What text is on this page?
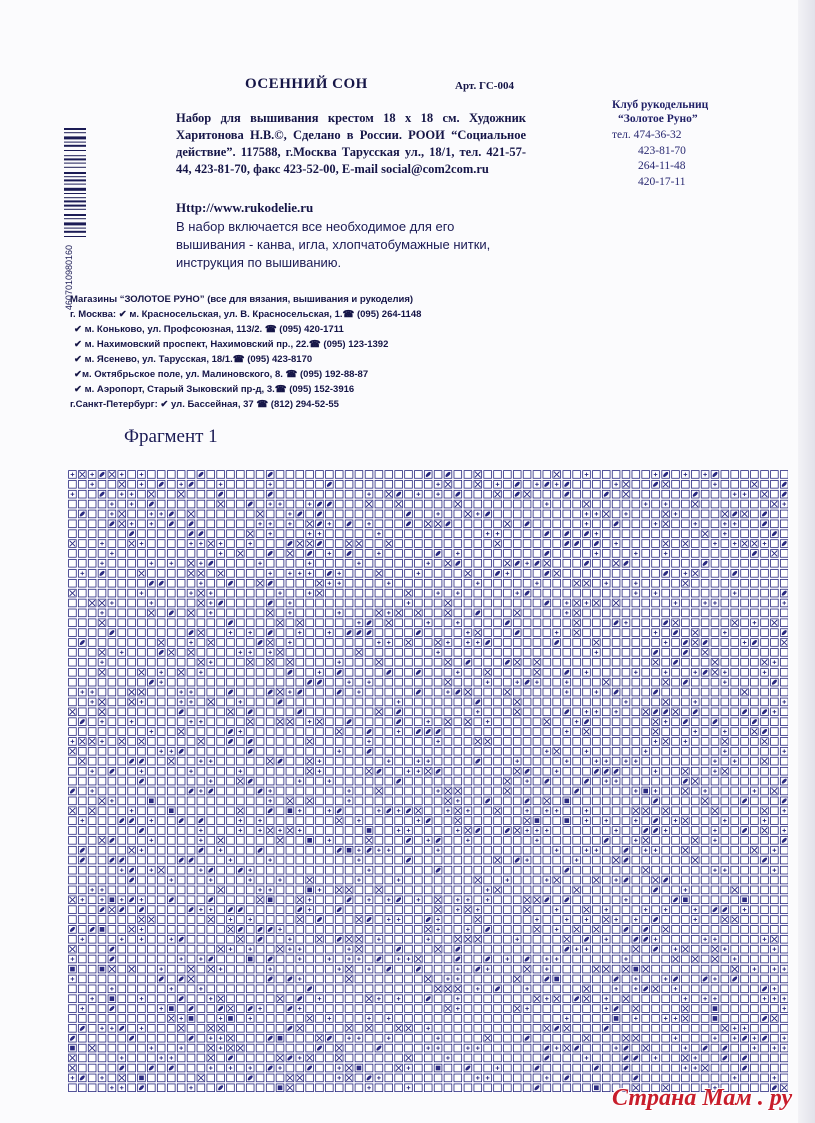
ОСЕННИЙ СОН	Арт. ГС-004
Набор для вышивания крестом 18 х 18 см. Художник Харитонова Н.В.©, Сделано в России. РООИ “Социальное действие”. 117588, г.Москва Тарусская ул., 18/1, тел. 421-57-44, 423-81-70, факс 423-52-00, E-mail social@com2com.ru
Http://www.rukodelie.ru
В набор включается все необходимое для его вышивания - канва, игла, хлопчатобумажные нитки, инструкция по вышиванию.
4607010980160
Клуб рукодельниц
“Золотое Руно”
тел. 474-36-32
423-81-70
264-11-48
420-17-11
Магазины “ЗОЛОТОЕ РУНО” (все для вязания, вышивания и рукоделия)
г. Москва: ✔ м. Красносельская, ул. В. Красносельская, 1.☎ (095) 264-1148
✔ м. Коньково, ул. Профсоюзная, 113/2. ☎ (095) 420-1711
✔ м. Нахимовский проспект, Нахимовский пр., 22.☎ (095) 123-1392
✔ м. Ясенево, ул. Тарусская, 18/1.☎ (095) 423-8170
✔м. Октябрьское поле, ул. Малиновского, 8. ☎ (095) 192-88-87
✔ м. Аэропорт, Старый Зыковский пр-д, 3.☎ (095) 152-3916
г.Санкт-Петербург: ✔ ул. Бассейная, 37 ☎ (812) 294-52-55
Фрагмент 1
Страна Мам . ру
